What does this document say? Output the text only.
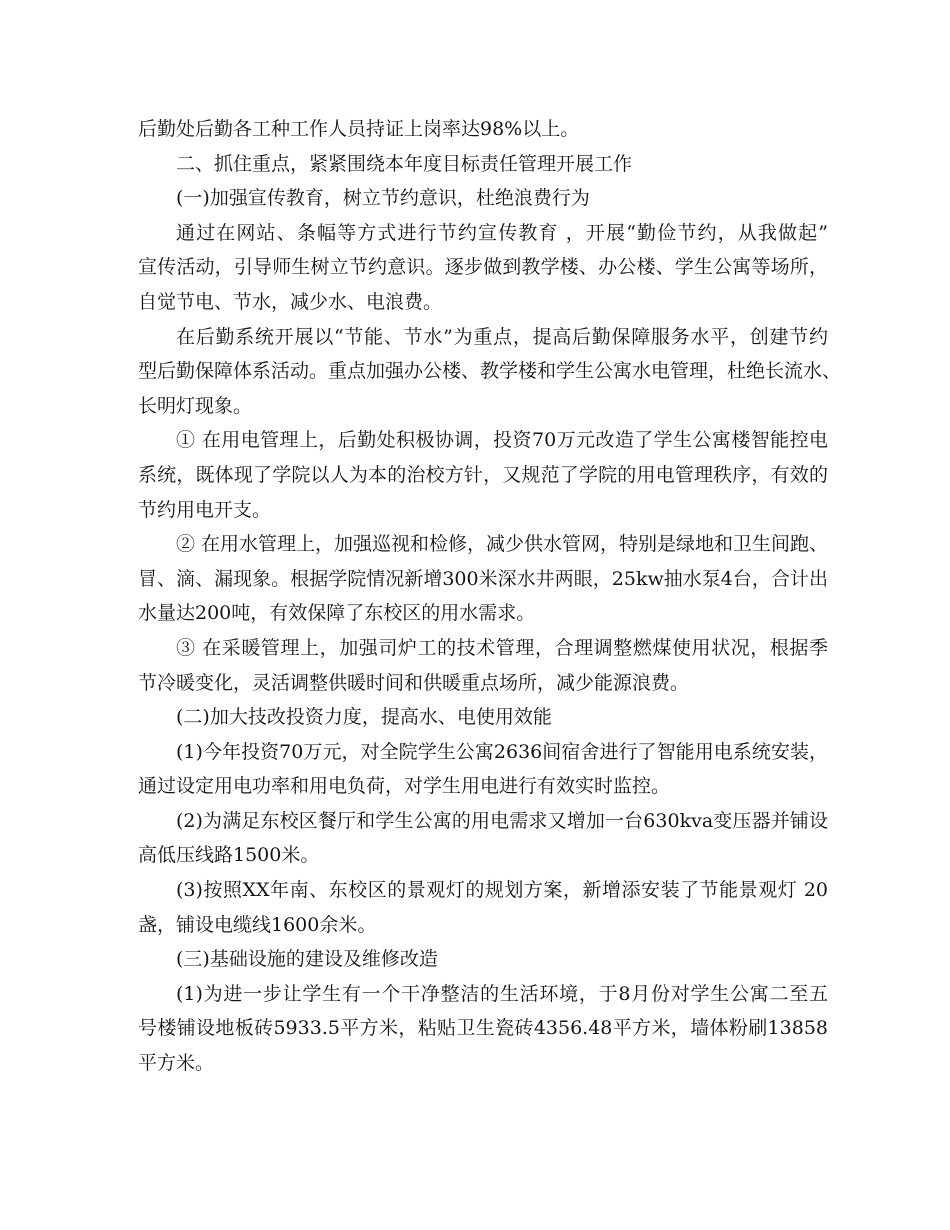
后勤处后勤各工种工作人员持证上岗率达98%以上。
二、抓住重点，紧紧围绕本年度目标责任管理开展工作
(一)加强宣传教育，树立节约意识，杜绝浪费行为
通过在网站、条幅等方式进行节约宣传教育 ，开展“勤俭节约，从我做起”
宣传活动，引导师生树立节约意识。逐步做到教学楼、办公楼、学生公寓等场所，
自觉节电、节水，减少水、电浪费。
在后勤系统开展以“节能、节水”为重点，提高后勤保障服务水平，创建节约
型后勤保障体系活动。重点加强办公楼、教学楼和学生公寓水电管理，杜绝长流水、
长明灯现象。
① 在用电管理上，后勤处积极协调，投资70万元改造了学生公寓楼智能控电
系统，既体现了学院以人为本的治校方针，又规范了学院的用电管理秩序，有效的
节约用电开支。
② 在用水管理上，加强巡视和检修，减少供水管网，特别是绿地和卫生间跑、
冒、滴、漏现象。根据学院情况新增300米深水井两眼，25kw抽水泵4台，合计出
水量达200吨，有效保障了东校区的用水需求。
③ 在采暖管理上，加强司炉工的技术管理，合理调整燃煤使用状况，根据季
节冷暖变化，灵活调整供暖时间和供暖重点场所，减少能源浪费。
(二)加大技改投资力度，提高水、电使用效能
(1)今年投资70万元，对全院学生公寓2636间宿舍进行了智能用电系统安装，
通过设定用电功率和用电负荷，对学生用电进行有效实时监控。
(2)为满足东校区餐厅和学生公寓的用电需求又增加一台630kva变压器并铺设
高低压线路1500米。
(3)按照XX年南、东校区的景观灯的规划方案，新增添安装了节能景观灯 20
盏，铺设电缆线1600余米。
(三)基础设施的建设及维修改造
(1)为进一步让学生有一个干净整洁的生活环境，于8月份对学生公寓二至五
号楼铺设地板砖5933.5平方米，粘贴卫生瓷砖4356.48平方米，墙体粉刷13858
平方米。
